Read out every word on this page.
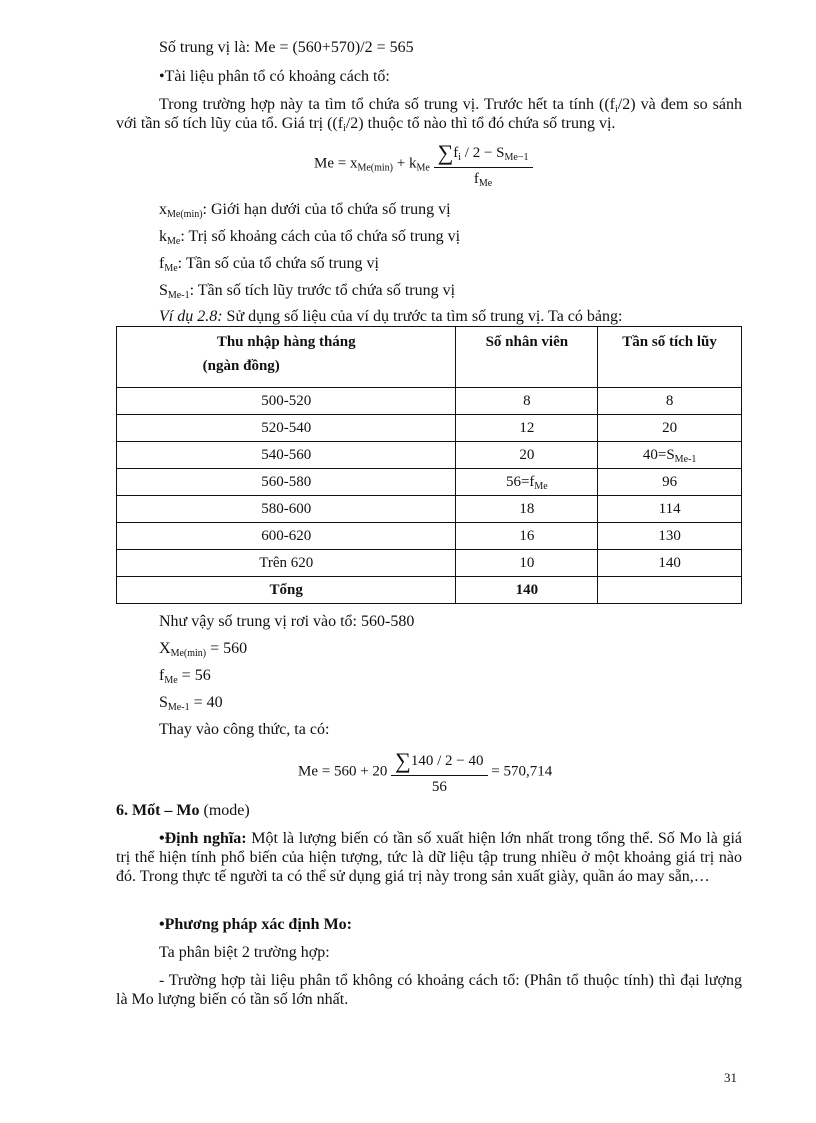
Số trung vị là: Me = (560+570)/2 = 565
•Tài liệu phân tổ có khoảng cách tổ:
Trong trường hợp này ta tìm tổ chứa số trung vị. Trước hết ta tính ($(f_i/2)$ và đem so sánh với tần số tích lũy của tổ. Giá trị ($(f_i/2)$ thuộc tổ nào thì tổ đó chứa số trung vị.
$Me = x_{Me(min)} + k_{Me} \frac{\sum f_i / 2 - S_{Me-1}}{f_{Me}}$
$x_{Me(min)}$: Giới hạn dưới của tổ chứa số trung vị
$k_{Me}$: Trị số khoảng cách của tổ chứa số trung vị
$f_{Me}$: Tần số của tổ chứa số trung vị
$S_{Me-1}$: Tần số tích lũy trước tổ chứa số trung vị
Ví dụ 2.8: Sử dụng số liệu của ví dụ trước ta tìm số trung vị. Ta có bảng:
Thu nhập hàng tháng
(ngàn đồng)	Số nhân viên	Tần số tích lũy
500-520	8	8
520-540	12	20
540-560	20	$40=S_{Me-1}$
560-580	$56=f_{Me}$	96
580-600	18	114
600-620	16	130
Trên 620	10	140
Tổng	140	
Như vậy số trung vị rơi vào tổ: 560-580
$X_{Me(min)} = 560$
$f_{Me} = 56$
$S_{Me-1} = 40$
Thay vào công thức, ta có:
$Me = 560 + 20 \frac{\sum 140 / 2 - 40}{56} = 570,714$
6. Mốt – Mo (mode)
•Định nghĩa: Một là lượng biến có tần số xuất hiện lớn nhất trong tổng thể. Số Mo là giá trị thể hiện tính phổ biến của hiện tượng, tức là dữ liệu tập trung nhiều ở một khoảng giá trị nào đó. Trong thực tế người ta có thể sử dụng giá trị này trong sản xuất giày, quần áo may sẵn,…
•Phương pháp xác định Mo:
Ta phân biệt 2 trường hợp:
- Trường hợp tài liệu phân tổ không có khoảng cách tổ: (Phân tổ thuộc tính) thì đại lượng là Mo lượng biến có tần số lớn nhất.
31
